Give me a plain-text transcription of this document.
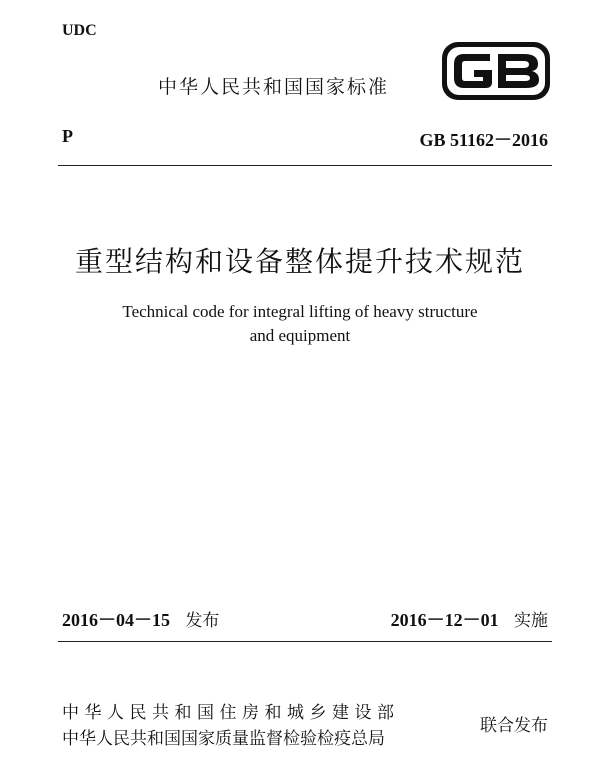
UDC
中华人民共和国国家标准
P	GB 51162－2016
重型结构和设备整体提升技术规范
Technical code for integral lifting of heavy structure
and equipment
2016－04－15 发布	2016－12－01 实施
中华人民共和国住房和城乡建设部
中华人民共和国国家质量监督检验检疫总局
联合发布
